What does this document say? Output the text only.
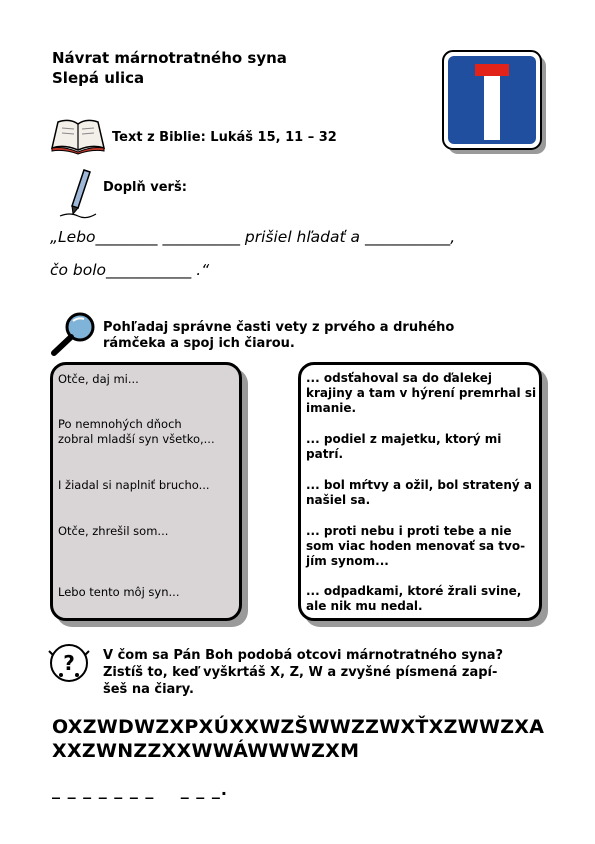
Návrat márnotratného syna
Slepá ulica
Text z Biblie: Lukáš 15, 11 – 32
Doplň verš:
„Lebo________ __________ prišiel hľadať a ___________,
čo bolo___________ .“
Pohľadaj správne časti vety z prvého a druhého
rámčeka a spoj ich čiarou.
Otče, daj mi...
Po nemnohých dňoch
zobral mladší syn všetko,...
I žiadal si naplniť brucho...
Otče, zhrešil som...
Lebo tento môj syn...
... odsťahoval sa do ďalekej krajiny a tam v hýrení premrhal si imanie.
... podiel z majetku, ktorý mi patrí.
... bol mŕtvy a ožil, bol stratený a našiel sa.
... proti nebu i proti tebe a nie som viac hoden menovať sa tvo-jím synom...
... odpadkami, ktoré žrali svine, ale nik mu nedal.
? V čom sa Pán Boh podobá otcovi márnotratného syna?
Zistíš to, keď vyškrtáš X, Z, W a zvyšné písmená zapí-
šeš na čiary.
OXZWDWZXPXÚXXWZŠWWZZWXŤXZWWZXA
XXZWNZZXXWWÁWWWZXM
_ _ _ _ _ _ _    _ _ _.
